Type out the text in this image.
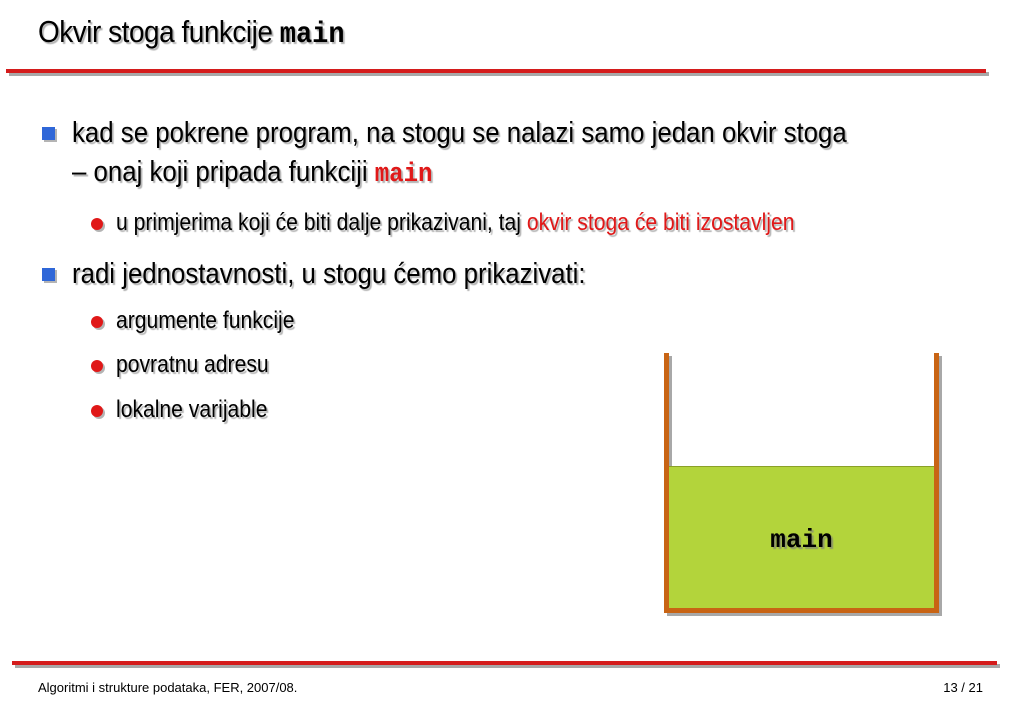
Okvir stoga funkcije main
kad se pokrene program, na stogu se nalazi samo jedan okvir stoga
– onaj koji pripada funkciji main
u primjerima koji će biti dalje prikazivani, taj okvir stoga će biti izostavljen
radi jednostavnosti, u stogu ćemo prikazivati:
argumente funkcije
povratnu adresu
lokalne varijable
main
Algoritmi i strukture podataka, FER, 2007/08.	13 / 21
